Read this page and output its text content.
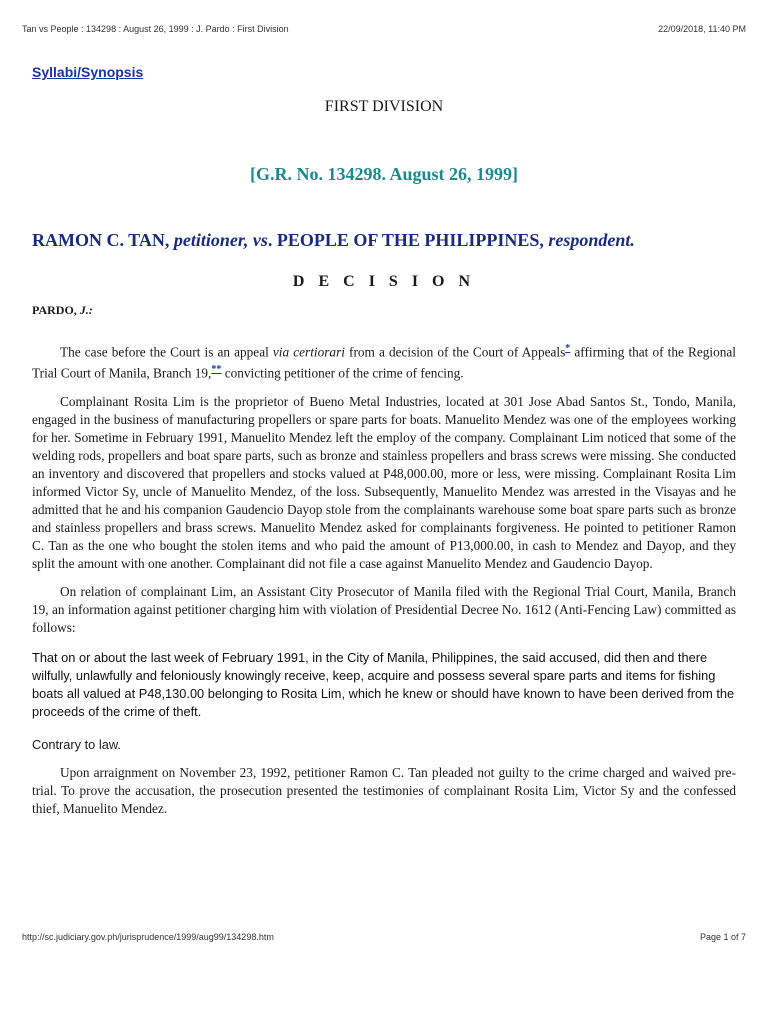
Tan vs People : 134298 : August 26, 1999 : J. Pardo : First Division	22/09/2018, 11:40 PM
Syllabi/Synopsis
FIRST DIVISION
[G.R. No. 134298. August 26, 1999]
RAMON C. TAN, petitioner, vs. PEOPLE OF THE PHILIPPINES, respondent.
D E C I S I O N
PARDO, J.:

The case before the Court is an appeal via certiorari from a decision of the Court of Appeals* affirming that of the Regional Trial Court of Manila, Branch 19,** convicting petitioner of the crime of fencing.

Complainant Rosita Lim is the proprietor of Bueno Metal Industries, located at 301 Jose Abad Santos St., Tondo, Manila, engaged in the business of manufacturing propellers or spare parts for boats. Manuelito Mendez was one of the employees working for her. Sometime in February 1991, Manuelito Mendez left the employ of the company. Complainant Lim noticed that some of the welding rods, propellers and boat spare parts, such as bronze and stainless propellers and brass screws were missing. She conducted an inventory and discovered that propellers and stocks valued at P48,000.00, more or less, were missing. Complainant Rosita Lim informed Victor Sy, uncle of Manuelito Mendez, of the loss. Subsequently, Manuelito Mendez was arrested in the Visayas and he admitted that he and his companion Gaudencio Dayop stole from the complainants warehouse some boat spare parts such as bronze and stainless propellers and brass screws. Manuelito Mendez asked for complainants forgiveness. He pointed to petitioner Ramon C. Tan as the one who bought the stolen items and who paid the amount of P13,000.00, in cash to Mendez and Dayop, and they split the amount with one another. Complainant did not file a case against Manuelito Mendez and Gaudencio Dayop.

On relation of complainant Lim, an Assistant City Prosecutor of Manila filed with the Regional Trial Court, Manila, Branch 19, an information against petitioner charging him with violation of Presidential Decree No. 1612 (Anti-Fencing Law) committed as follows:

That on or about the last week of February 1991, in the City of Manila, Philippines, the said accused, did then and there wilfully, unlawfully and feloniously knowingly receive, keep, acquire and possess several spare parts and items for fishing boats all valued at P48,130.00 belonging to Rosita Lim, which he knew or should have known to have been derived from the proceeds of the crime of theft.
Contrary to law.

Upon arraignment on November 23, 1992, petitioner Ramon C. Tan pleaded not guilty to the crime charged and waived pre-trial. To prove the accusation, the prosecution presented the testimonies of complainant Rosita Lim, Victor Sy and the confessed thief, Manuelito Mendez.

http://sc.judiciary.gov.ph/jurisprudence/1999/aug99/134298.htm	Page 1 of 7
